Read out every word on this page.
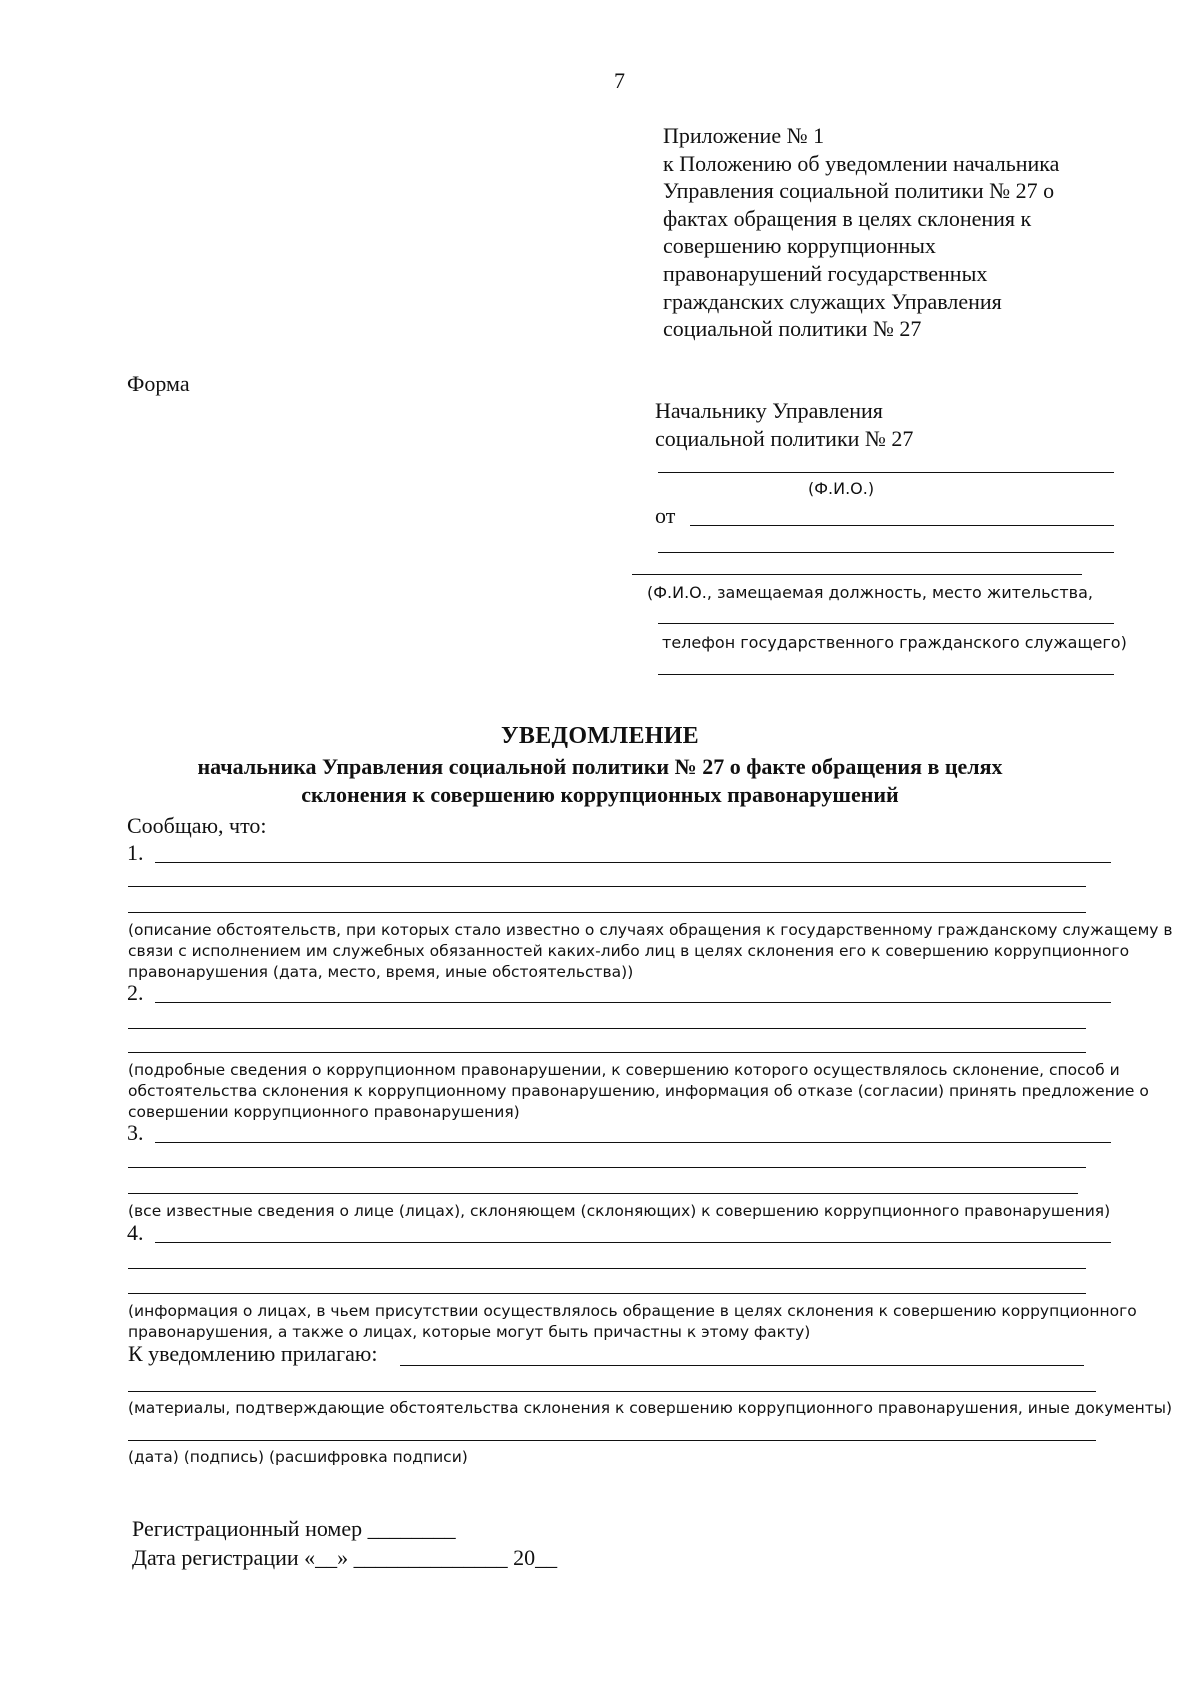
7
Приложение № 1
к Положению об уведомлении начальника
Управления социальной политики № 27 о
фактах обращения в целях склонения к
совершению коррупционных
правонарушений государственных
гражданских служащих Управления
социальной политики № 27
Форма
Начальнику Управления
социальной политики № 27
(Ф.И.О.)
от
(Ф.И.О., замещаемая должность, место жительства,
телефон государственного гражданского служащего)
УВЕДОМЛЕНИЕ
начальника Управления социальной политики № 27 о факте обращения в целях
склонения к совершению коррупционных правонарушений
Сообщаю, что:
1.
(описание обстоятельств, при которых стало известно о случаях обращения к государственному гражданскому служащему в
связи с исполнением им служебных обязанностей каких-либо лиц в целях склонения его к совершению коррупционного
правонарушения (дата, место, время, иные обстоятельства))
2.
(подробные сведения о коррупционном правонарушении, к совершению которого осуществлялось склонение, способ и
обстоятельства склонения к коррупционному правонарушению, информация об отказе (согласии) принять предложение о
совершении коррупционного правонарушения)
3.
(все известные сведения о лице (лицах), склоняющем (склоняющих) к совершению коррупционного правонарушения)
4.
(информация о лицах, в чьем присутствии осуществлялось обращение в целях склонения к совершению коррупционного
правонарушения, а также о лицах, которые могут быть причастны к этому факту)
К уведомлению прилагаю:
(материалы, подтверждающие обстоятельства склонения к совершению коррупционного правонарушения, иные документы)
(дата) (подпись) (расшифровка подписи)
Регистрационный номер ________
Дата регистрации «__» ______________ 20__
